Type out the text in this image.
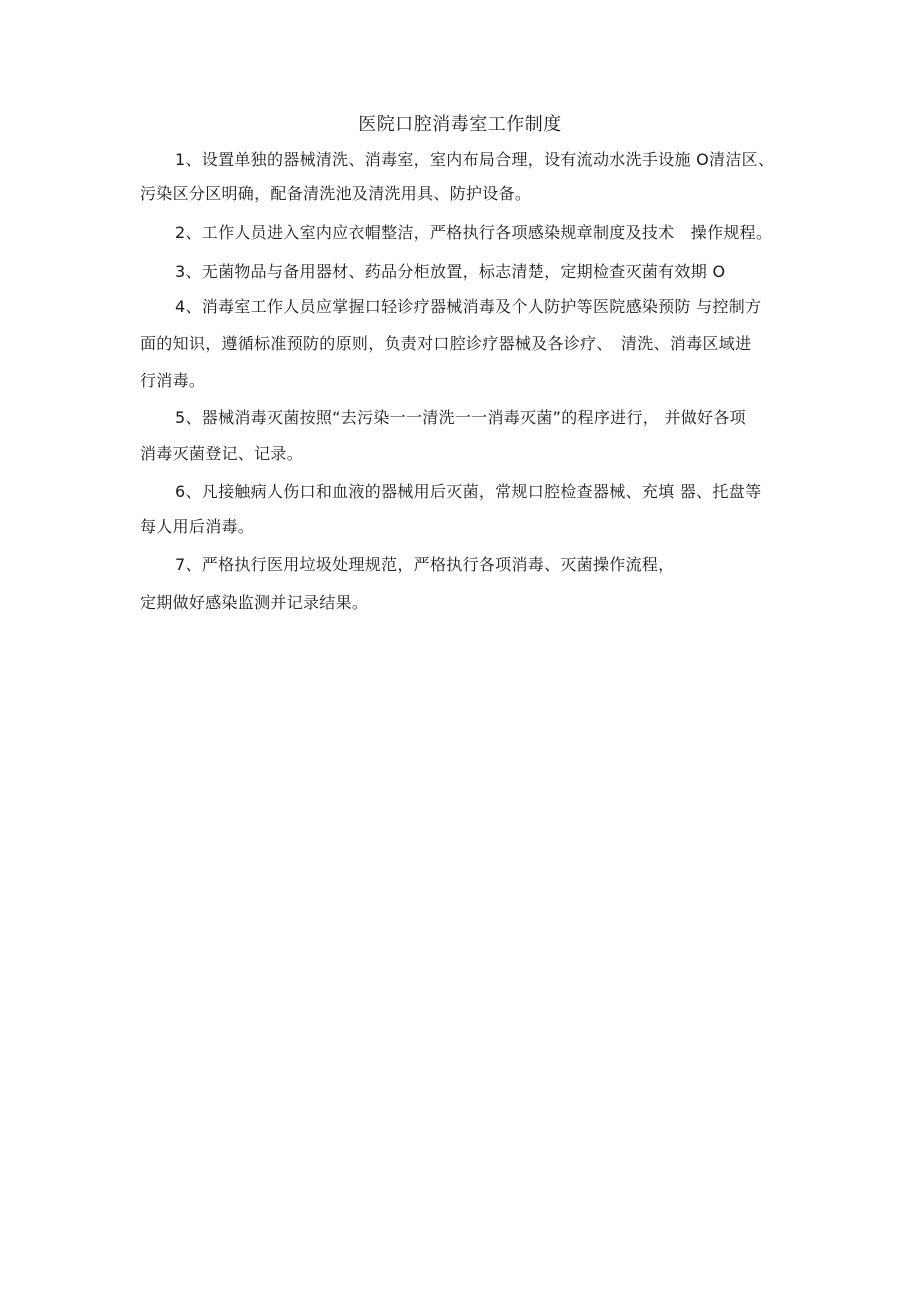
医院口腔消毒室工作制度
1、设置单独的器械清洗、消毒室，室内布局合理，设有流动水洗手设施 O清洁区、
污染区分区明确，配备清洗池及清洗用具、防护设备。
2、工作人员进入室内应衣帽整洁，严格执行各项感染规章制度及技术　操作规程。
3、无菌物品与备用器材、药品分柜放置，标志清楚，定期检查灭菌有效期 O
4、消毒室工作人员应掌握口轻诊疗器械消毒及个人防护等医院感染预防 与控制方
面的知识，遵循标准预防的原则，负责对口腔诊疗器械及各诊疗、　清洗、消毒区域进
行消毒。
5、器械消毒灭菌按照“去污染一一清洗一一消毒灭菌”的程序进行， 并做好各项
消毒灭菌登记、记录。
6、凡接触病人伤口和血液的器械用后灭菌，常规口腔检查器械、充填 器、托盘等
每人用后消毒。
7、严格执行医用垃圾处理规范，严格执行各项消毒、灭菌操作流程，
定期做好感染监测并记录结果。
